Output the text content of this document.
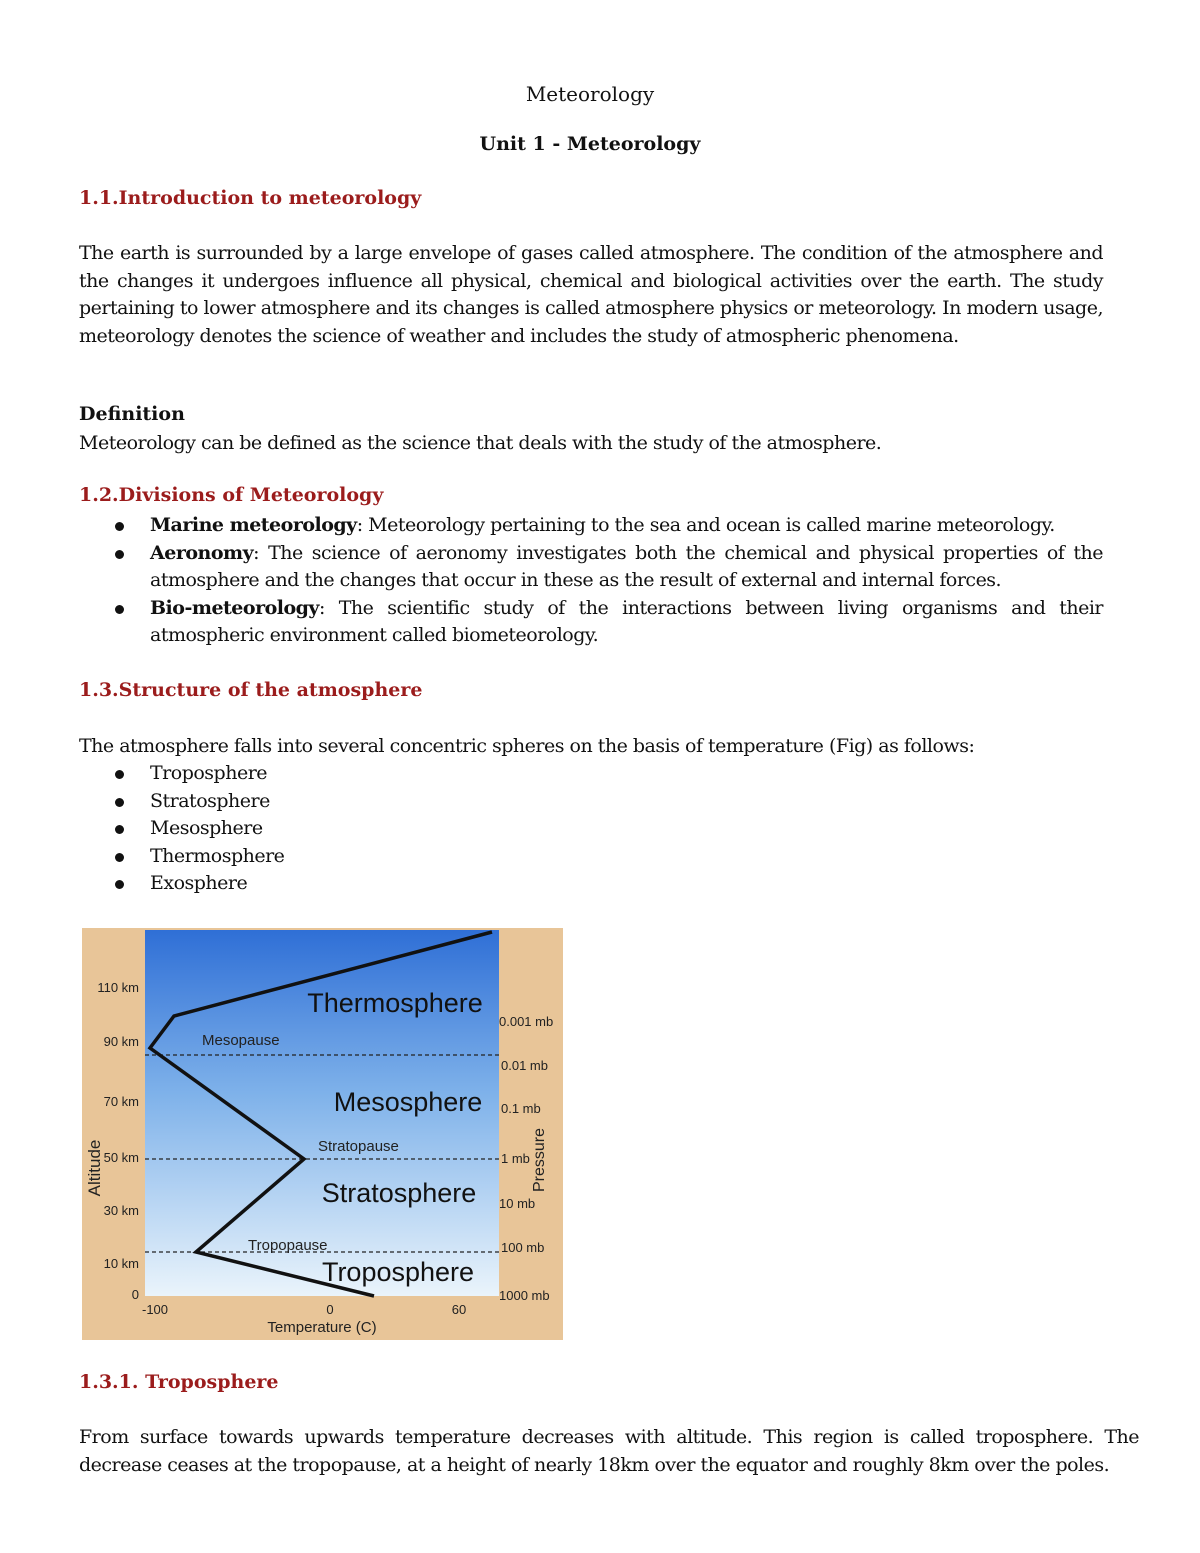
Meteorology
Unit 1 - Meteorology
1.1.Introduction to meteorology

The earth is surrounded by a large envelope of gases called atmosphere. The condition of the atmosphere and the changes it undergoes influence all physical, chemical and biological activities over the earth. The study pertaining to lower atmosphere and its changes is called atmosphere physics or meteorology. In modern usage, meteorology denotes the science of weather and includes the study of atmospheric phenomena.

Definition

Meteorology can be defined as the science that deals with the study of the atmosphere.

1.2.Divisions of Meteorology
Marine meteorology: Meteorology pertaining to the sea and ocean is called marine meteorology.
Aeronomy: The science of aeronomy investigates both the chemical and physical properties of the atmosphere and the changes that occur in these as the result of external and internal forces.
Bio-meteorology: The scientific study of the interactions between living organisms and their atmospheric environment called biometeorology.
1.3.Structure of the atmosphere

The atmosphere falls into several concentric spheres on the basis of temperature (Fig) as follows:

Troposphere
Stratosphere
Mesosphere
Thermosphere
Exosphere
Thermosphere
Mesosphere
Stratosphere
Troposphere
Mesopause
Stratopause
Tropopause
110 km
90 km
70 km
50 km
30 km
10 km
0
Altitude
0.001 mb
0.01 mb
0.1 mb
1 mb
10 mb
100 mb
1000 mb
Pressure
-100	0	60
Temperature (C)
1.3.1. Troposphere

From surface towards upwards temperature decreases with altitude. This region is called troposphere. The decrease ceases at the tropopause, at a height of nearly 18km over the equator and roughly 8km over the poles.
